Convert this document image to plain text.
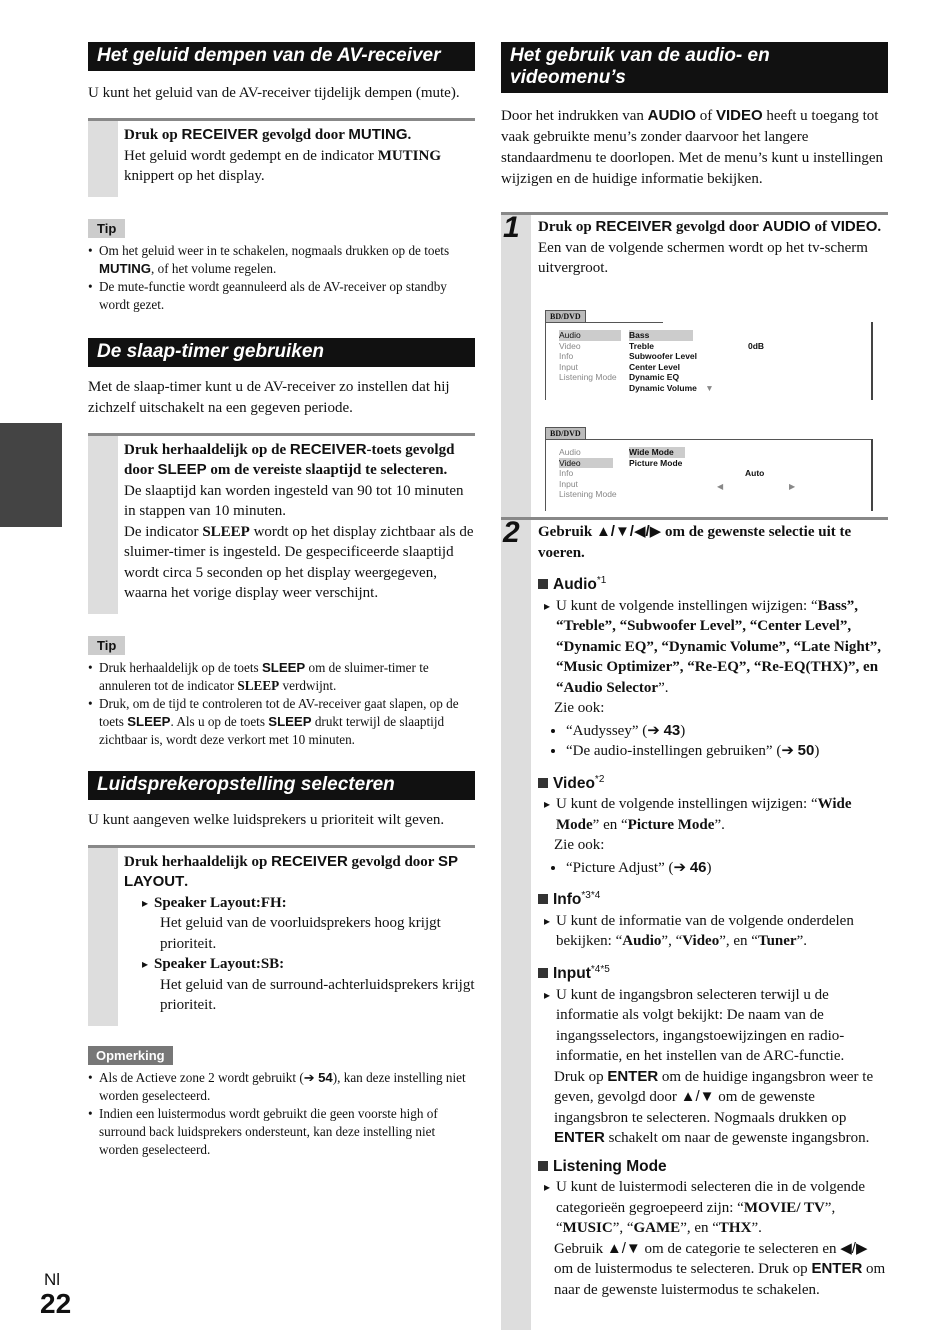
Het geluid dempen van de AV-receiver

U kunt het geluid van de AV-receiver tijdelijk dempen (mute).

Druk op RECEIVER gevolgd door MUTING.

Het geluid wordt gedempt en de indicator MUTING knippert op het display.

Tip
• Om het geluid weer in te schakelen, nogmaals drukken op de toets MUTING, of het volume regelen.
• De mute-functie wordt geannuleerd als de AV-receiver op standby wordt gezet.
De slaap-timer gebruiken

Met de slaap-timer kunt u de AV-receiver zo instellen dat hij zichzelf uitschakelt na een gegeven periode.

Druk herhaaldelijk op de RECEIVER-toets gevolgd door SLEEP om de vereiste slaaptijd te selecteren.

De slaaptijd kan worden ingesteld van 90 tot 10 minuten in stappen van 10 minuten.

De indicator SLEEP wordt op het display zichtbaar als de sluimer-timer is ingesteld. De gespecificeerde slaaptijd wordt circa 5 seconden op het display weergegeven, waarna het vorige display weer verschijnt.

Tip
• Druk herhaaldelijk op de toets SLEEP om de sluimer-timer te annuleren tot de indicator SLEEP verdwijnt.
• Druk, om de tijd te controleren tot de AV-receiver gaat slapen, op de toets SLEEP. Als u op de toets SLEEP drukt terwijl de slaaptijd zichtbaar is, wordt deze verkort met 10 minuten.
Luidsprekeropstelling selecteren

U kunt aangeven welke luidsprekers u prioriteit wilt geven.

Druk herhaaldelijk op RECEIVER gevolgd door SP LAYOUT.

▸ Speaker Layout:FH:

Het geluid van de voorluidsprekers hoog krijgt prioriteit.

▸ Speaker Layout:SB:

Het geluid van de surround-achterluidsprekers krijgt prioriteit.

Opmerking
• Als de Actieve zone 2 wordt gebruikt (➔ 54), kan deze instelling niet worden geselecteerd.
• Indien een luistermodus wordt gebruikt die geen voorste high of surround back luidsprekers ondersteunt, kan deze instelling niet worden geselecteerd.
Het gebruik van de audio- en videomenu’s

Door het indrukken van AUDIO of VIDEO heeft u toegang tot vaak gebruikte menu’s zonder daarvoor het langere standaardmenu te doorlopen. Met de menu’s kunt u instellingen wijzigen en de huidige informatie bekijken.

1 Druk op RECEIVER gevolgd door AUDIO of VIDEO.

Een van de volgende schermen wordt op het tv-scherm uitvergroot.

BD/DVD
Audio
Video
Info
Input
Listening Mode
Bass
Treble
Subwoofer Level
Center Level
Dynamic EQ
Dynamic Volume ▼
0dB
BD/DVD
Audio
Video
Info
Input
Listening Mode
Wide Mode
Picture Mode
◀
Auto
▶
2 Gebruik ▲/▼/◀/▶ om de gewenste selectie uit te voeren.

Audio$^{*1}$

▸ U kunt de volgende instellingen wijzigen: “Bass”, “Treble”, “Subwoofer Level”, “Center Level”, “Dynamic EQ”, “Dynamic Volume”, “Late Night”, “Music Optimizer”, “Re-EQ”, “Re-EQ(THX)”, en “Audio Selector”.

Zie ook:

• “Audyssey” (➔ 43)
• “De audio-instellingen gebruiken” (➔ 50)
Video$^{*2}$

▸ U kunt de volgende instellingen wijzigen: “Wide Mode” en “Picture Mode”.

Zie ook:

• “Picture Adjust” (➔ 46)
Info$^{*3*4}$

▸ U kunt de informatie van de volgende onderdelen bekijken: “Audio”, “Video”, en “Tuner”.

Input$^{*4*5}$

▸ U kunt de ingangsbron selecteren terwijl u de informatie als volgt bekijkt: De naam van de ingangsselectors, ingangstoewijzingen en radio-informatie, en het instellen van de ARC-functie.

Druk op ENTER om de huidige ingangsbron weer te geven, gevolgd door ▲/▼ om de gewenste ingangsbron te selecteren. Nogmaals drukken op ENTER schakelt om naar de gewenste ingangsbron.

Listening Mode

▸ U kunt de luistermodi selecteren die in de volgende categorieën gegroepeerd zijn: “MOVIE/ TV”, “MUSIC”, “GAME”, en “THX”.

Gebruik ▲/▼ om de categorie te selecteren en ◀/▶ om de luistermodus te selecteren. Druk op ENTER om naar de gewenste luistermodus te schakelen.

Nl
22
